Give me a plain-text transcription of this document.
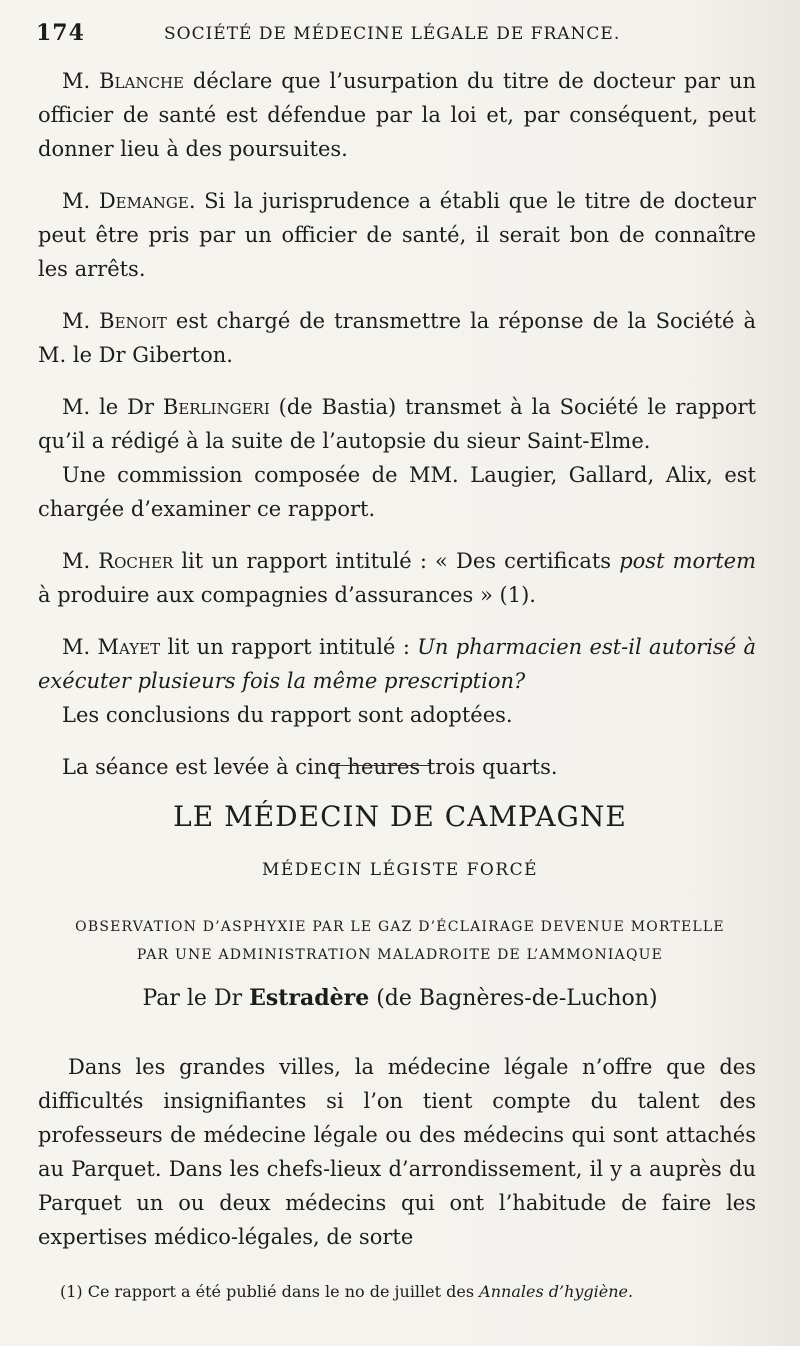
174	SOCIÉTÉ DE MÉDECINE LÉGALE DE FRANCE.

M. Blanche déclare que l’usurpation du titre de docteur par un officier de santé est défendue par la loi et, par conséquent, peut donner lieu à des poursuites.

M. Demange. Si la jurisprudence a établi que le titre de docteur peut être pris par un officier de santé, il serait bon de connaître les arrêts.

M. Benoit est chargé de transmettre la réponse de la Société à M. le Dr Giberton.

M. le Dr Berlingeri (de Bastia) transmet à la Société le rapport qu’il a rédigé à la suite de l’autopsie du sieur Saint-Elme.

Une commission composée de MM. Laugier, Gallard, Alix, est chargée d’examiner ce rapport.

M. Rocher lit un rapport intitulé : « Des certificats post mortem à produire aux compagnies d’assurances » (1).

M. Mayet lit un rapport intitulé : Un pharmacien est-il autorisé à exécuter plusieurs fois la même prescription?

Les conclusions du rapport sont adoptées.

La séance est levée à cinq heures trois quarts.

LE MÉDECIN DE CAMPAGNE
MÉDECIN LÉGISTE FORCÉ
OBSERVATION D’ASPHYXIE PAR LE GAZ D’ÉCLAIRAGE DEVENUE MORTELLE
PAR UNE ADMINISTRATION MALADROITE DE L’AMMONIAQUE
Par le Dr Estradère (de Bagnères-de-Luchon)

Dans les grandes villes, la médecine légale n’offre que des difficultés insignifiantes si l’on tient compte du talent des professeurs de médecine légale ou des médecins qui sont attachés au Parquet. Dans les chefs-lieux d’arrondissement, il y a auprès du Parquet un ou deux médecins qui ont l’habitude de faire les expertises médico-légales, de sorte

(1) Ce rapport a été publié dans le no de juillet des Annales d’hygiène.
